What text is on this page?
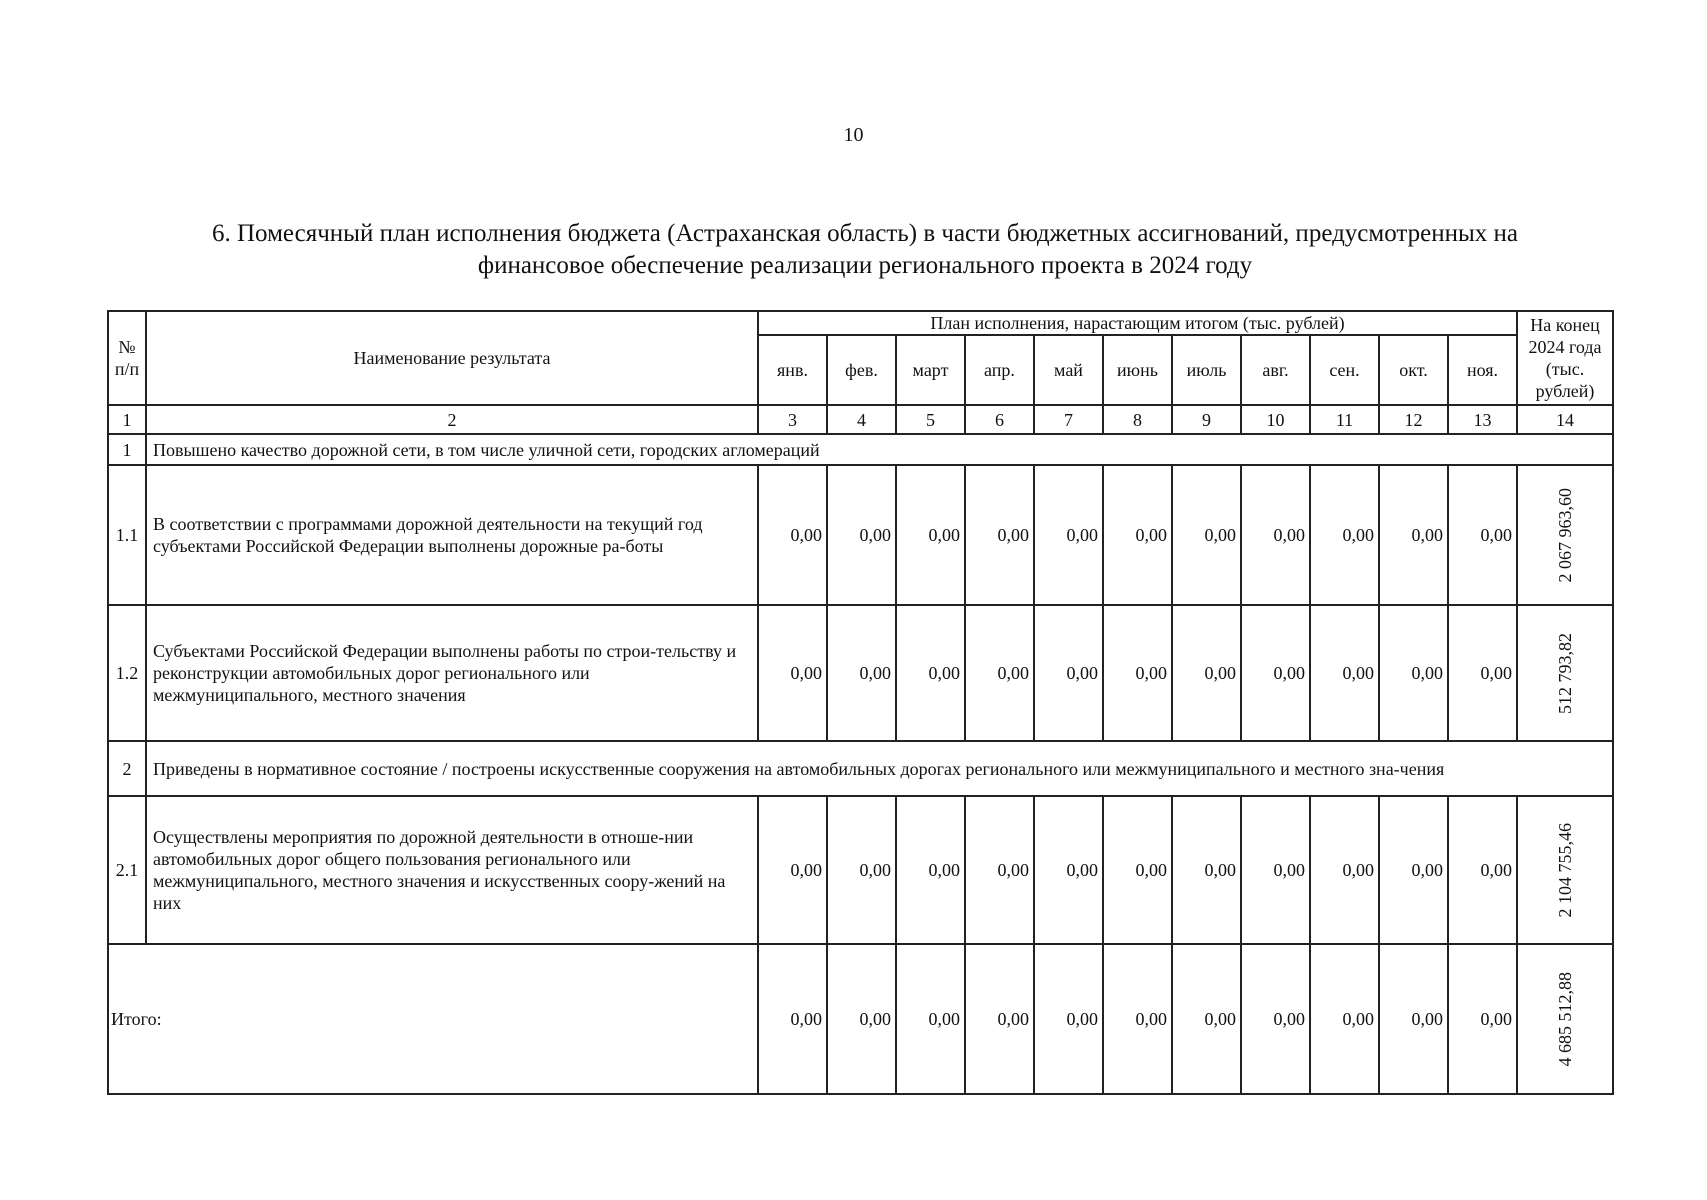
10
6. Помесячный план исполнения бюджета (Астраханская область) в части бюджетных ассигнований, предусмотренных на
финансовое обеспечение реализации регионального проекта в 2024 году
№ п/п	Наименование результата	План исполнения, нарастающим итогом (тыс. рублей)											На конец 2024 года (тыс. рублей)
		янв.	фев.	март	апр.	май	июнь	июль	авг.	сен.	окт.	ноя.	
1	2	3	4	5	6	7	8	9	10	11	12	13	14
1	Повышено качество дорожной сети, в том числе уличной сети, городских агломераций												
1.1	В соответствии с программами дорожной деятельности на текущий год субъектами Российской Федерации выполнены дорожные ра-боты	0,00	0,00	0,00	0,00	0,00	0,00	0,00	0,00	0,00	0,00	0,00	2 067 963,60

1.2	Субъектами Российской Федерации выполнены работы по строи-тельству и реконструкции автомобильных дорог регионального или межмуниципального, местного значения	0,00	0,00	0,00	0,00	0,00	0,00	0,00	0,00	0,00	0,00	0,00	512 793,82

2	Приведены в нормативное состояние / построены искусственные сооружения на автомобильных дорогах регионального или межмуниципального и местного зна-чения												
2.1	Осуществлены мероприятия по дорожной деятельности в отноше-нии автомобильных дорог общего пользования регионального или межмуниципального, местного значения и искусственных соору-жений на них	0,00	0,00	0,00	0,00	0,00	0,00	0,00	0,00	0,00	0,00	0,00	2 104 755,46

Итого:		0,00	0,00	0,00	0,00	0,00	0,00	0,00	0,00	0,00	0,00	0,00	4 685 512,88
